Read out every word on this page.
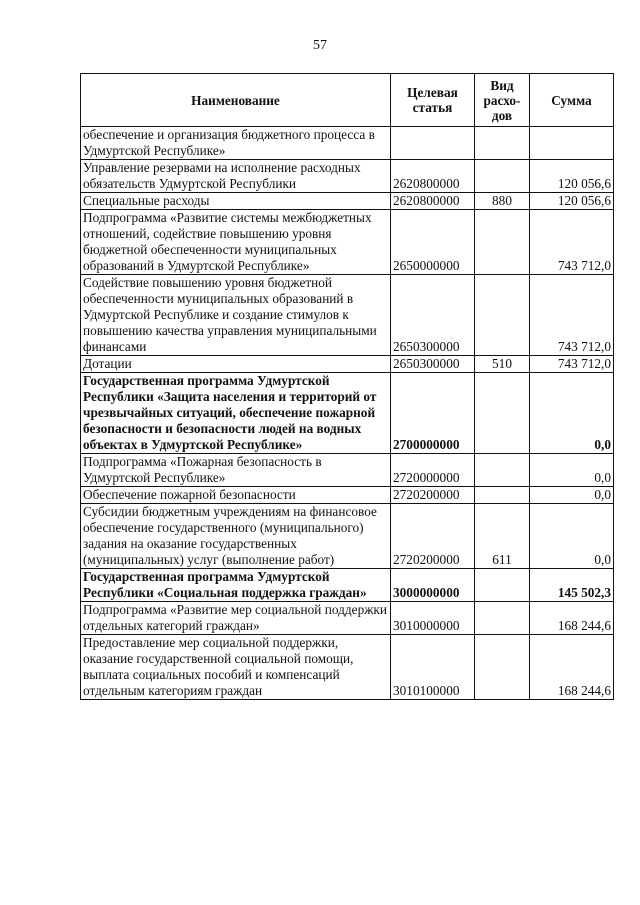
57
Наименование	Целевая статья	Вид расхо-дов	Сумма
обеспечение и организация бюджетного процесса в Удмуртской Республике»			
Управление резервами на исполнение расходных обязательств Удмуртской Республики	2620800000		120 056,6
Специальные расходы	2620800000	880	120 056,6
Подпрограмма «Развитие системы межбюджетных отношений, содействие повышению уровня бюджетной обеспеченности муниципальных образований в Удмуртской Республике»	2650000000		743 712,0
Содействие повышению уровня бюджетной обеспеченности муниципальных образований в Удмуртской Республике и создание стимулов к повышению качества управления муниципальными финансами	2650300000		743 712,0
Дотации	2650300000	510	743 712,0
Государственная программа Удмуртской Республики «Защита населения и территорий от чрезвычайных ситуаций, обеспечение пожарной безопасности и безопасности людей на водных объектах в Удмуртской Республике»	2700000000		0,0
Подпрограмма «Пожарная безопасность в Удмуртской Республике»	2720000000		0,0
Обеспечение пожарной безопасности	2720200000		0,0
Субсидии бюджетным учреждениям на финансовое обеспечение государственного (муниципального) задания на оказание государственных (муниципальных) услуг (выполнение работ)	2720200000	611	0,0
Государственная программа Удмуртской Республики «Социальная поддержка граждан»	3000000000		145 502,3
Подпрограмма «Развитие мер социальной поддержки отдельных категорий граждан»	3010000000		168 244,6
Предоставление мер социальной поддержки, оказание государственной социальной помощи, выплата социальных пособий и компенсаций отдельным категориям граждан	3010100000		168 244,6
